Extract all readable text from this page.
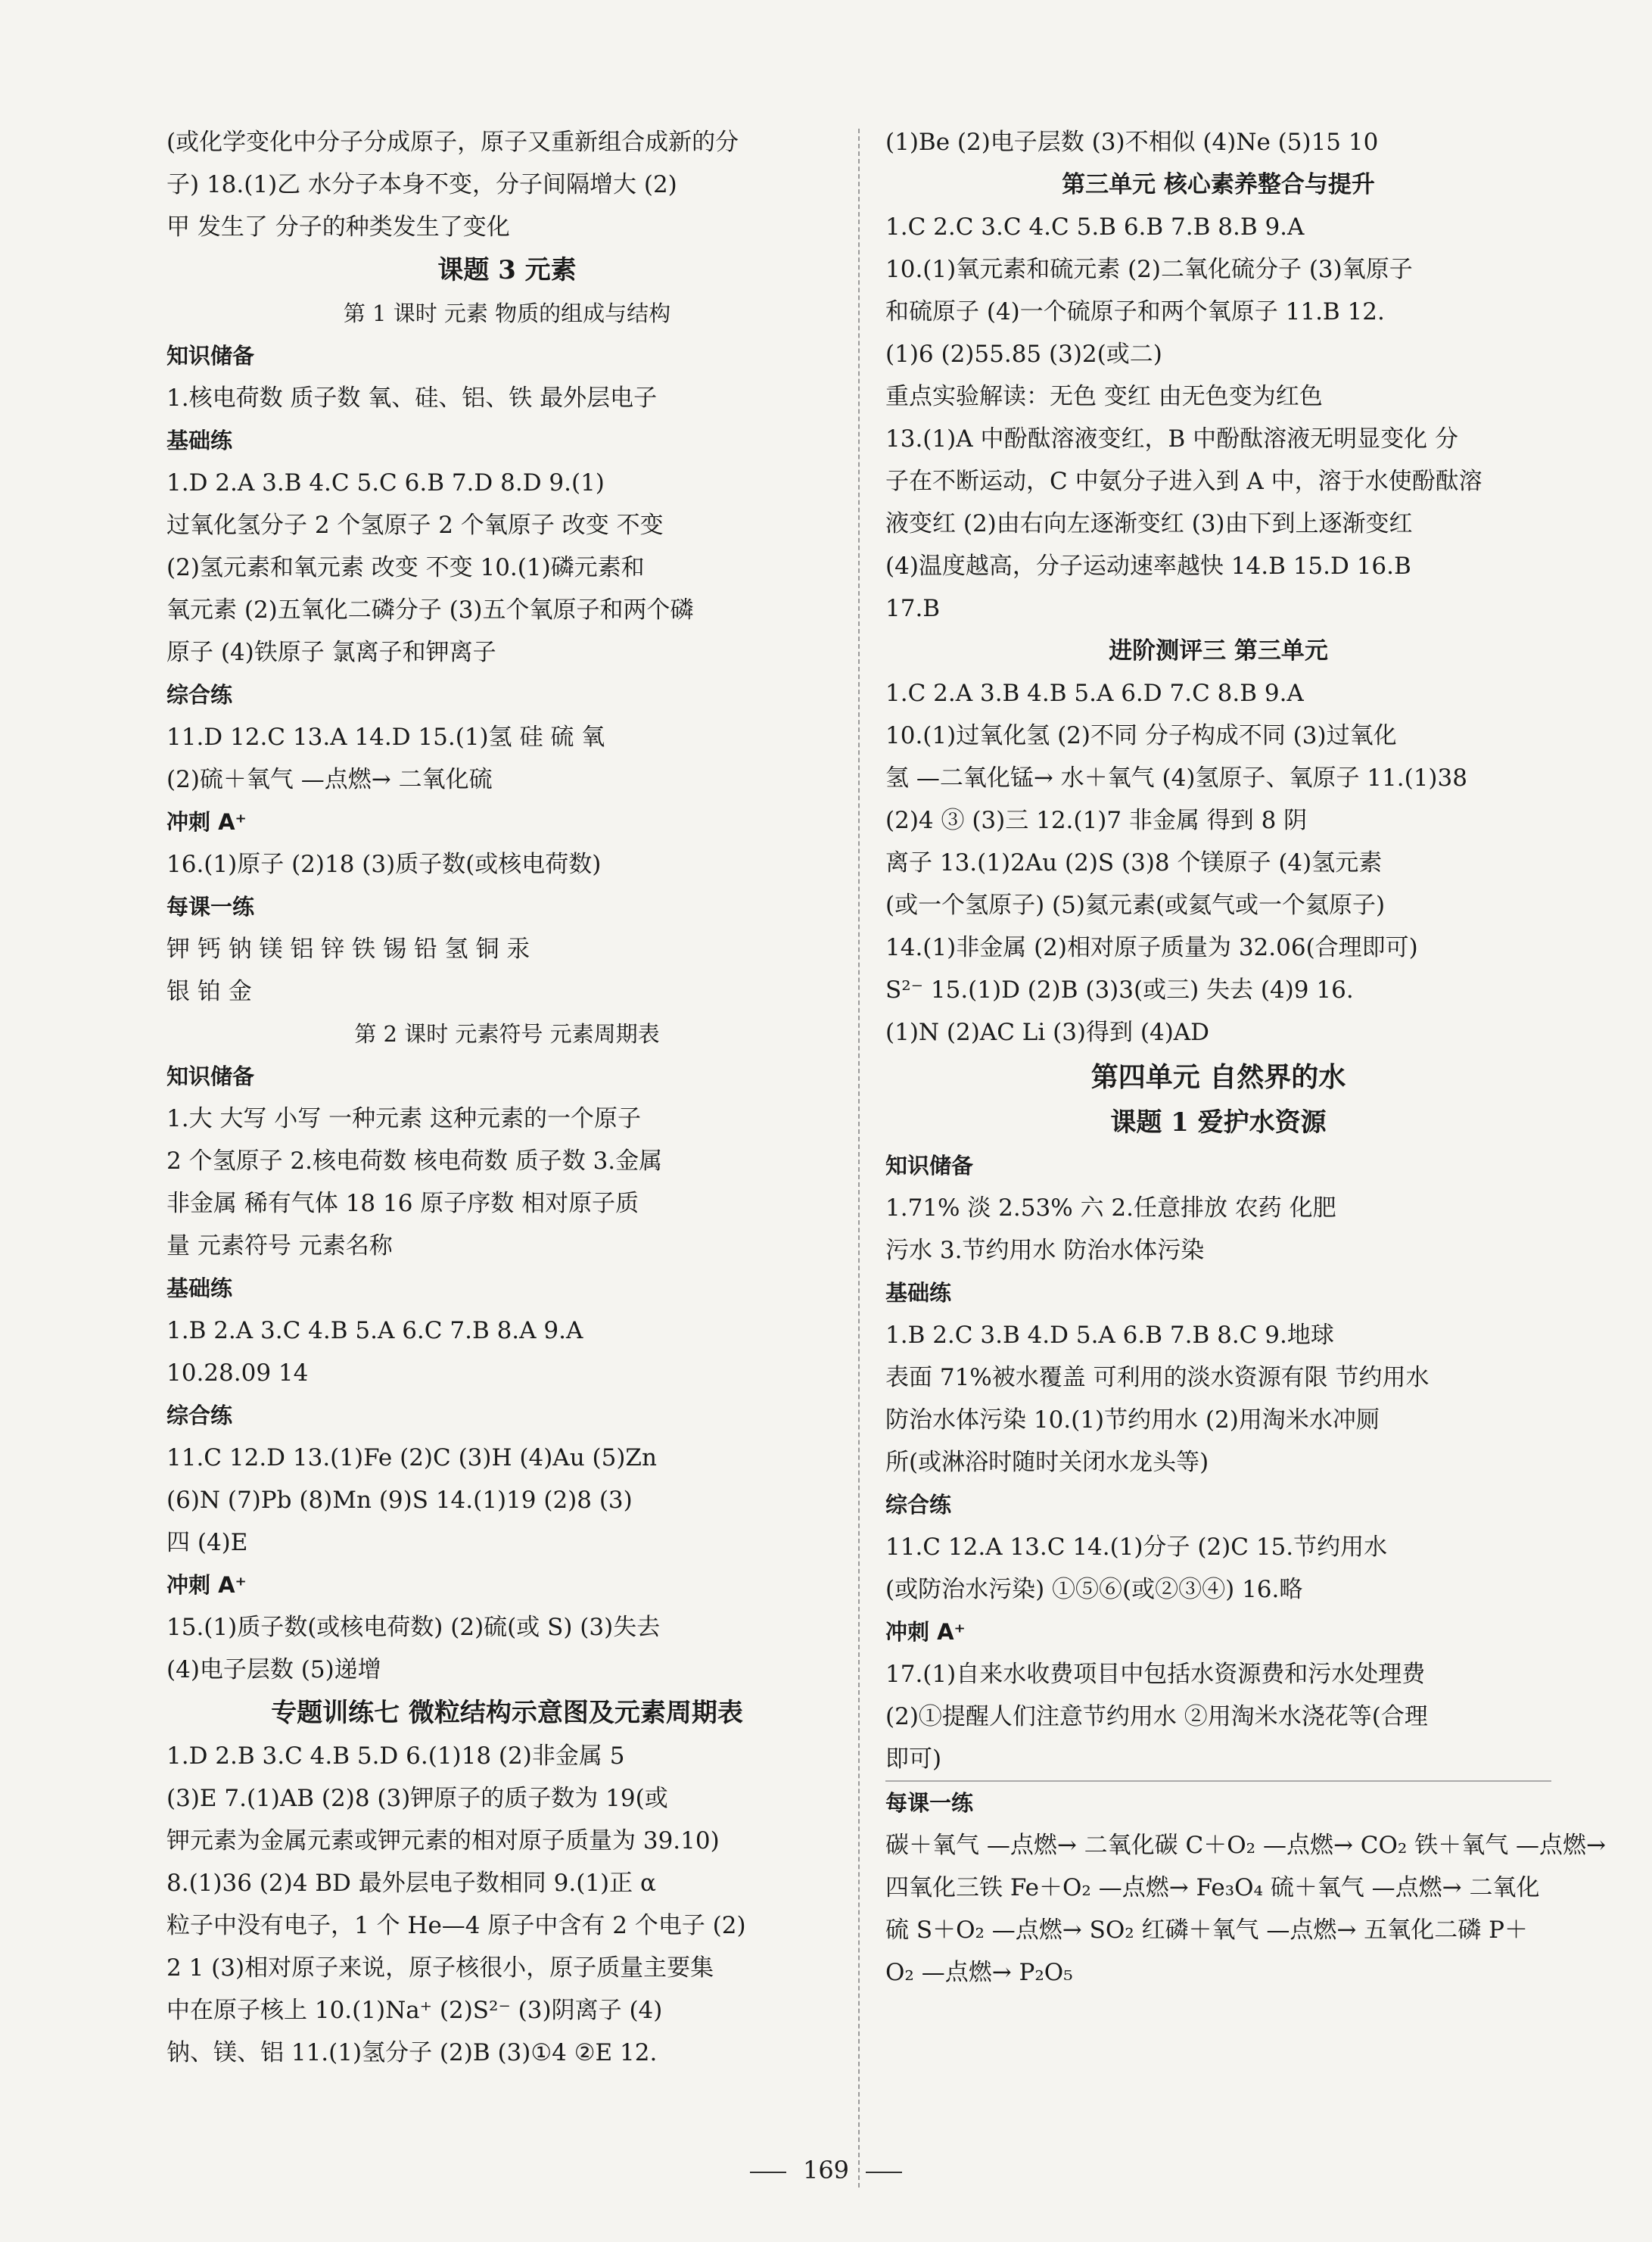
(或化学变化中分子分成原子，原子又重新组合成新的分
子) 18.(1)乙 水分子本身不变，分子间隔增大 (2)
甲 发生了 分子的种类发生了变化
课题 3 元素
第 1 课时 元素 物质的组成与结构
知识储备
1.核电荷数 质子数 氧、硅、铝、铁 最外层电子
基础练
1.D 2.A 3.B 4.C 5.C 6.B 7.D 8.D 9.(1)
过氧化氢分子 2 个氢原子 2 个氧原子 改变 不变
(2)氢元素和氧元素 改变 不变 10.(1)磷元素和
氧元素 (2)五氧化二磷分子 (3)五个氧原子和两个磷
原子 (4)铁原子 氯离子和钾离子
综合练
11.D 12.C 13.A 14.D 15.(1)氢 硅 硫 氧
(2)硫＋氧气 —点燃→ 二氧化硫
冲刺 A⁺
16.(1)原子 (2)18 (3)质子数(或核电荷数)
每课一练
钾 钙 钠 镁 铝 锌 铁 锡 铅 氢 铜 汞
银 铂 金
第 2 课时 元素符号 元素周期表
知识储备
1.大 大写 小写 一种元素 这种元素的一个原子
2 个氢原子 2.核电荷数 核电荷数 质子数 3.金属
非金属 稀有气体 18 16 原子序数 相对原子质
量 元素符号 元素名称
基础练
1.B 2.A 3.C 4.B 5.A 6.C 7.B 8.A 9.A
10.28.09 14
综合练
11.C 12.D 13.(1)Fe (2)C (3)H (4)Au (5)Zn
(6)N (7)Pb (8)Mn (9)S 14.(1)19 (2)8 (3)
四 (4)E
冲刺 A⁺
15.(1)质子数(或核电荷数) (2)硫(或 S) (3)失去
(4)电子层数 (5)递增
专题训练七 微粒结构示意图及元素周期表
1.D 2.B 3.C 4.B 5.D 6.(1)18 (2)非金属 5
(3)E 7.(1)AB (2)8 (3)钾原子的质子数为 19(或
钾元素为金属元素或钾元素的相对原子质量为 39.10)
8.(1)36 (2)4 BD 最外层电子数相同 9.(1)正 α
粒子中没有电子，1 个 He—4 原子中含有 2 个电子 (2)
2 1 (3)相对原子来说，原子核很小，原子质量主要集
中在原子核上 10.(1)Na⁺ (2)S²⁻ (3)阴离子 (4)
钠、镁、铝 11.(1)氢分子 (2)B (3)①4 ②E 12.
(1)Be (2)电子层数 (3)不相似 (4)Ne (5)15 10
第三单元 核心素养整合与提升
1.C 2.C 3.C 4.C 5.B 6.B 7.B 8.B 9.A
10.(1)氧元素和硫元素 (2)二氧化硫分子 (3)氧原子
和硫原子 (4)一个硫原子和两个氧原子 11.B 12.
(1)6 (2)55.85 (3)2(或二)
重点实验解读：无色 变红 由无色变为红色
13.(1)A 中酚酞溶液变红，B 中酚酞溶液无明显变化 分
子在不断运动，C 中氨分子进入到 A 中，溶于水使酚酞溶
液变红 (2)由右向左逐渐变红 (3)由下到上逐渐变红
(4)温度越高，分子运动速率越快 14.B 15.D 16.B
17.B
进阶测评三 第三单元
1.C 2.A 3.B 4.B 5.A 6.D 7.C 8.B 9.A
10.(1)过氧化氢 (2)不同 分子构成不同 (3)过氧化
氢 —二氧化锰→ 水＋氧气 (4)氢原子、氧原子 11.(1)38
(2)4 ③ (3)三 12.(1)7 非金属 得到 8 阴
离子 13.(1)2Au (2)S (3)8 个镁原子 (4)氢元素
(或一个氢原子) (5)氦元素(或氦气或一个氦原子)
14.(1)非金属 (2)相对原子质量为 32.06(合理即可)
S²⁻ 15.(1)D (2)B (3)3(或三) 失去 (4)9 16.
(1)N (2)AC Li (3)得到 (4)AD
第四单元 自然界的水
课题 1 爱护水资源
知识储备
1.71% 淡 2.53% 六 2.任意排放 农药 化肥
污水 3.节约用水 防治水体污染
基础练
1.B 2.C 3.B 4.D 5.A 6.B 7.B 8.C 9.地球
表面 71%被水覆盖 可利用的淡水资源有限 节约用水
防治水体污染 10.(1)节约用水 (2)用淘米水冲厕
所(或淋浴时随时关闭水龙头等)
综合练
11.C 12.A 13.C 14.(1)分子 (2)C 15.节约用水
(或防治水污染) ①⑤⑥(或②③④) 16.略
冲刺 A⁺
17.(1)自来水收费项目中包括水资源费和污水处理费
(2)①提醒人们注意节约用水 ②用淘米水浇花等(合理
即可)
每课一练
碳＋氧气 —点燃→ 二氧化碳 C＋O₂ —点燃→ CO₂ 铁＋氧气 —点燃→
四氧化三铁 Fe＋O₂ —点燃→ Fe₃O₄ 硫＋氧气 —点燃→ 二氧化
硫 S＋O₂ —点燃→ SO₂ 红磷＋氧气 —点燃→ 五氧化二磷 P＋
O₂ —点燃→ P₂O₅
169
